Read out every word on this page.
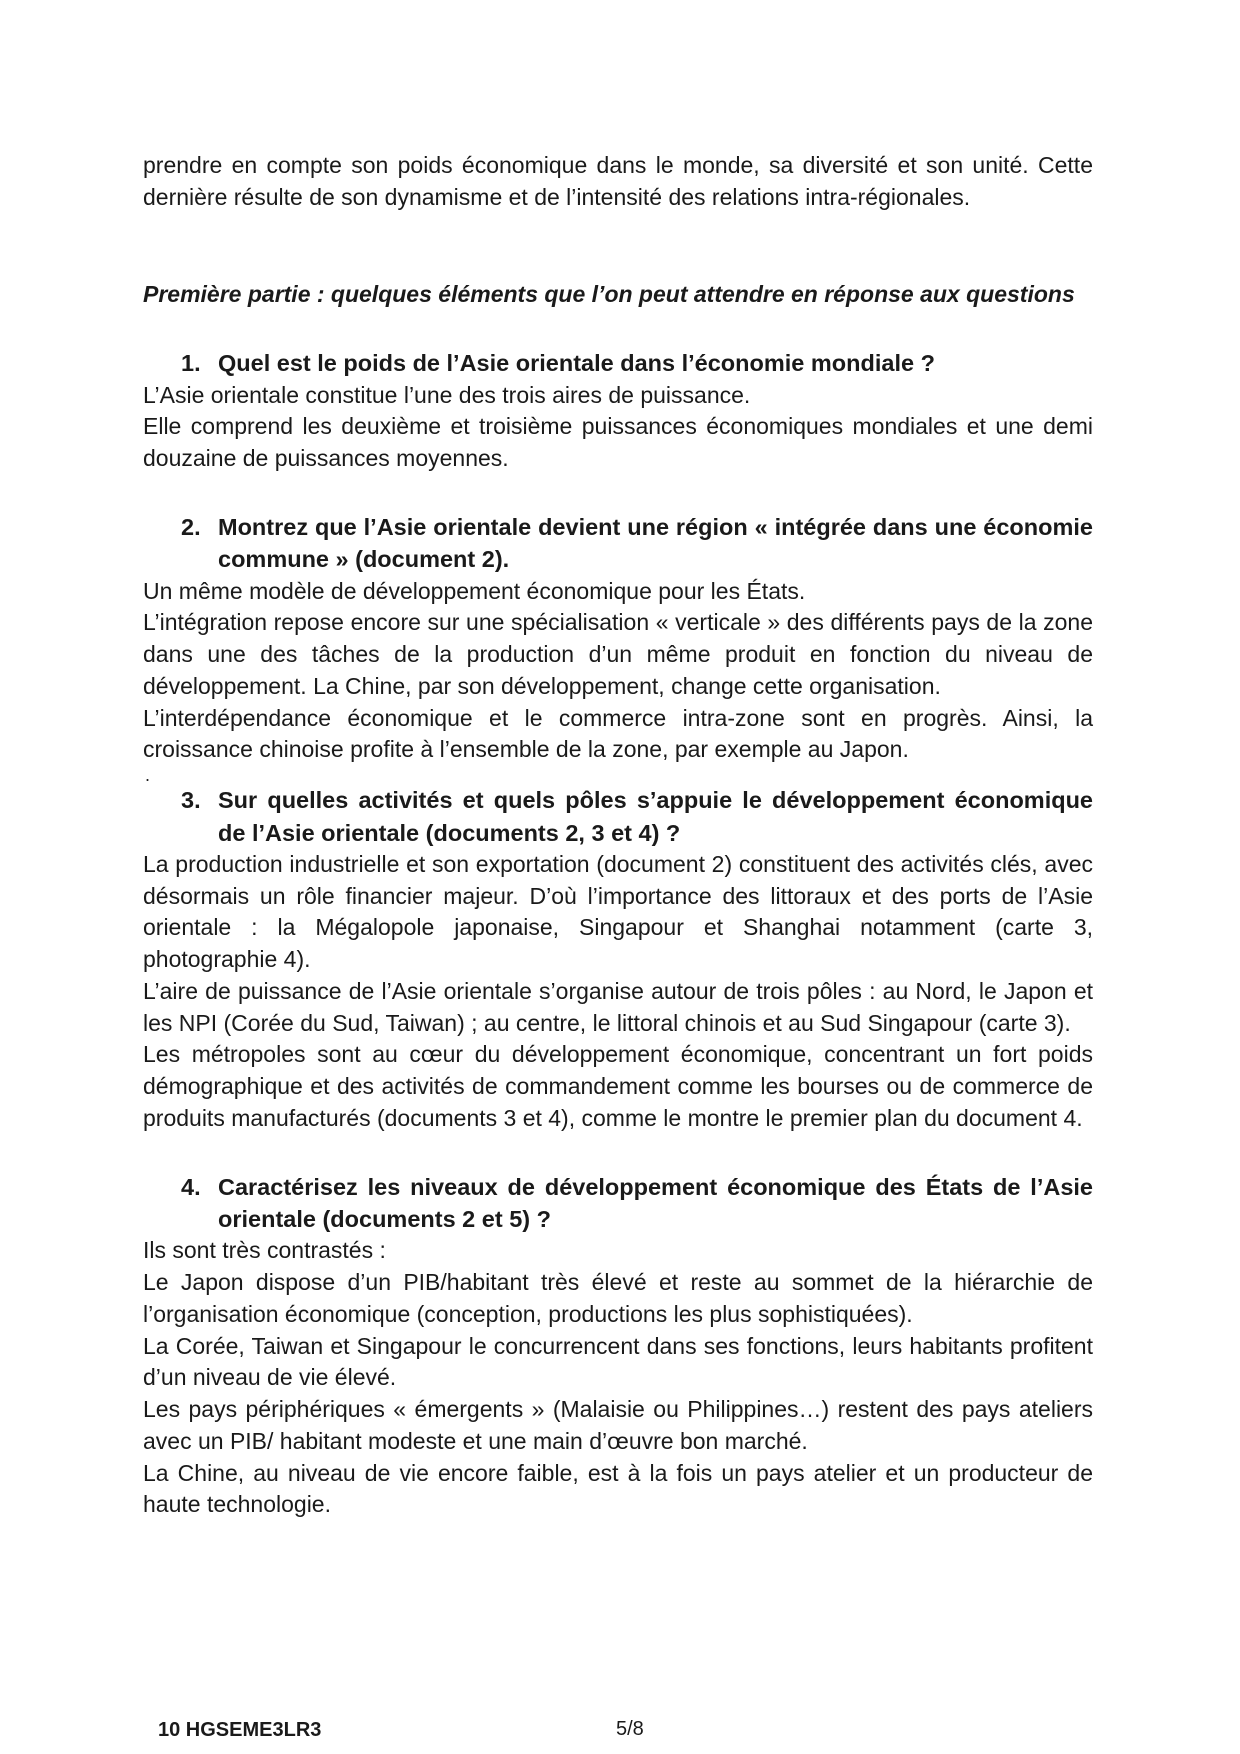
prendre en compte son poids économique dans le monde, sa diversité et son unité. Cette dernière résulte de son dynamisme et de l’intensité des relations intra-régionales.

Première partie : quelques éléments que l’on peut attendre en réponse aux questions

1. Quel est le poids de l’Asie orientale dans l’économie mondiale ?

L’Asie orientale constitue l’une des trois aires de puissance.

Elle comprend les deuxième et troisième puissances économiques mondiales et une demi douzaine de puissances moyennes.

2. Montrez que l’Asie orientale devient une région « intégrée dans une économie commune » (document 2).

Un même modèle de développement économique pour les États.

L’intégration repose encore sur une spécialisation « verticale » des différents pays de la zone dans une des tâches de la production d’un même produit en fonction du niveau de développement. La Chine, par son développement, change cette organisation.

L’interdépendance économique et le commerce intra-zone sont en progrès. Ainsi, la croissance chinoise profite à l’ensemble de la zone, par exemple au Japon.

.
3. Sur quelles activités et quels pôles s’appuie le développement économique de l’Asie orientale (documents 2, 3 et 4) ?

La production industrielle et son exportation (document 2) constituent des activités clés, avec désormais un rôle financier majeur. D’où l’importance des littoraux et des ports de l’Asie orientale : la Mégalopole japonaise, Singapour et Shanghai notamment (carte 3, photographie 4).

L’aire de puissance de l’Asie orientale s’organise autour de trois pôles : au Nord, le Japon et les NPI (Corée du Sud, Taiwan) ; au centre, le littoral chinois et au Sud Singapour (carte 3).

Les métropoles sont au cœur du développement économique, concentrant un fort poids démographique et des activités de commandement comme les bourses ou de commerce de produits manufacturés (documents 3 et 4), comme le montre le premier plan du document 4.

4. Caractérisez les niveaux de développement économique des États de l’Asie orientale (documents 2 et 5) ?

Ils sont très contrastés :

Le Japon dispose d’un PIB/habitant très élevé et reste au sommet de la hiérarchie de l’organisation économique (conception, productions les plus sophistiquées).

La Corée, Taiwan et Singapour le concurrencent dans ses fonctions, leurs habitants profitent d’un niveau de vie élevé.

Les pays périphériques « émergents » (Malaisie ou Philippines…) restent des pays ateliers avec un PIB/ habitant modeste et une main d’œuvre bon marché.

La Chine, au niveau de vie encore faible, est à la fois un pays atelier et un producteur de haute technologie.

10 HGSEME3LR3	5/8
